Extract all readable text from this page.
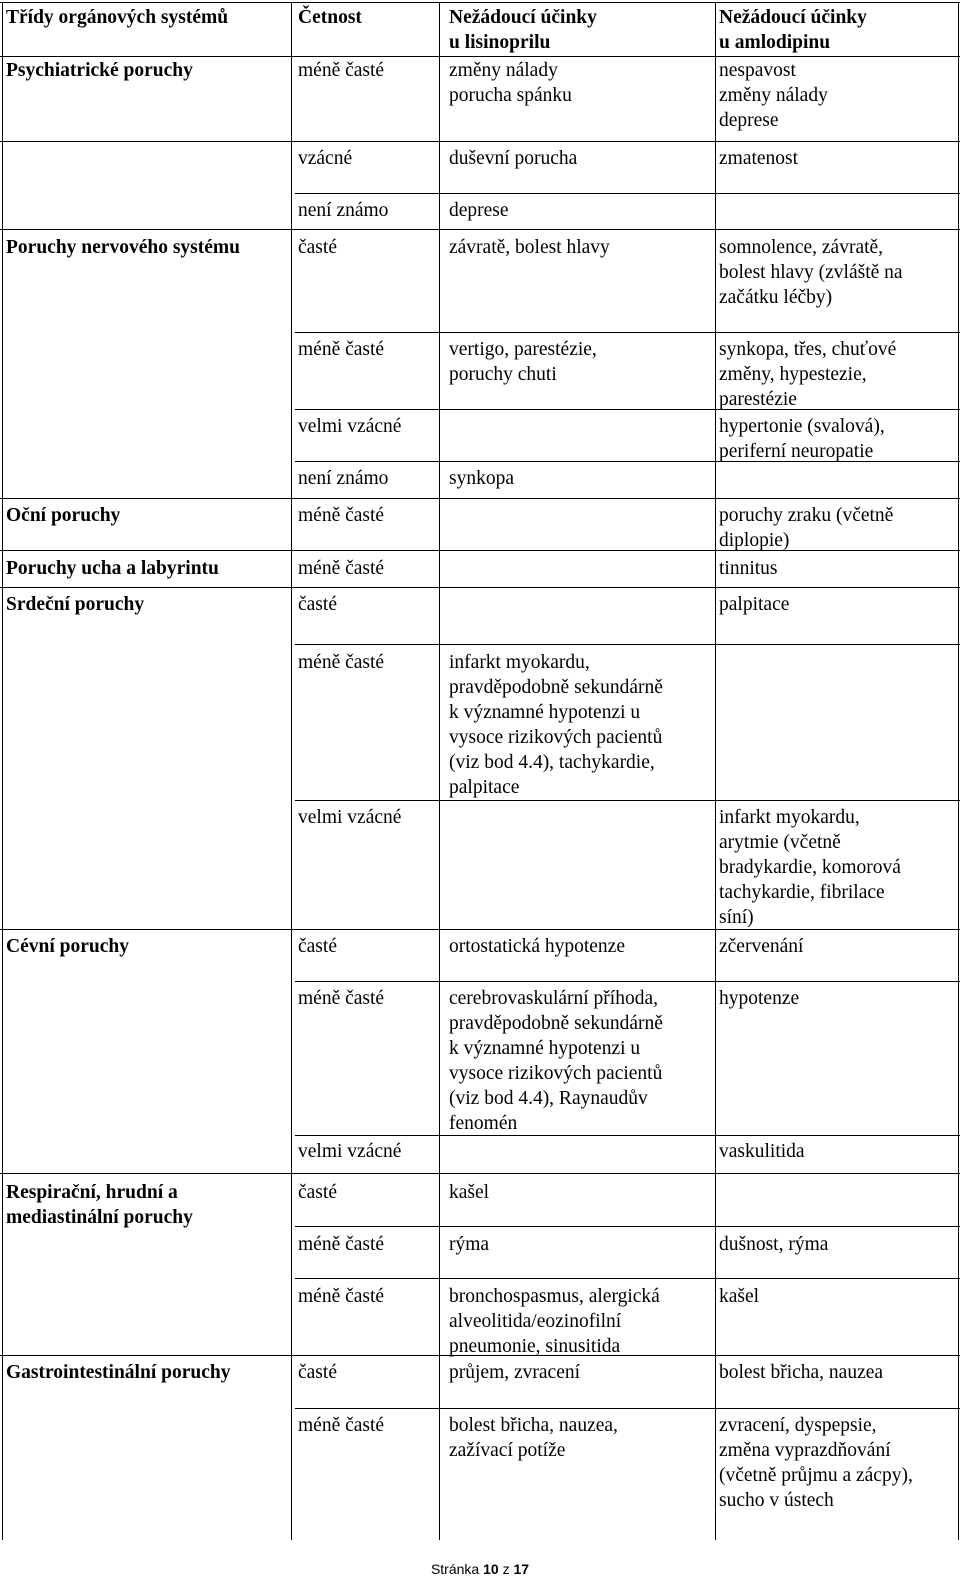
Třídy orgánových systémů	Četnost	Nežádoucí účinky
u lisinoprilu
Nežádoucí účinky
u amlodipinu
Psychiatrické poruchy
Poruchy nervového systému
Oční poruchy
Poruchy ucha a labyrintu
Srdeční poruchy
Cévní poruchy
Respirační, hrudní a
mediastinální poruchy
Gastrointestinální poruchy
méně časté
vzácné
není známo
časté
méně časté
velmi vzácné
není známo
méně časté
méně časté
časté
méně časté
velmi vzácné
časté
méně časté
velmi vzácné
časté
méně časté
méně časté
časté
méně časté
změny nálady
porucha spánku
duševní porucha
deprese
závratě, bolest hlavy
vertigo, parestézie,
poruchy chuti
synkopa
infarkt myokardu,
pravděpodobně sekundárně
k významné hypotenzi u
vysoce rizikových pacientů
(viz bod 4.4), tachykardie,
palpitace
ortostatická hypotenze
cerebrovaskulární příhoda,
pravděpodobně sekundárně
k významné hypotenzi u
vysoce rizikových pacientů
(viz bod 4.4), Raynaudův
fenomén
kašel
rýma
bronchospasmus, alergická
alveolitida/eozinofilní
pneumonie, sinusitida
průjem, zvracení
bolest břicha, nauzea,
zažívací potíže
nespavost
změny nálady
deprese
zmatenost
somnolence, závratě,
bolest hlavy (zvláště na
začátku léčby)
synkopa, třes, chuťové
změny, hypestezie,
parestézie
hypertonie (svalová),
periferní neuropatie
poruchy zraku (včetně
diplopie)
tinnitus
palpitace
infarkt myokardu,
arytmie (včetně
bradykardie, komorová
tachykardie, fibrilace
síní)
zčervenání
hypotenze
vaskulitida
dušnost, rýma
kašel
bolest břicha, nauzea
zvracení, dyspepsie,
změna vyprazdňování
(včetně průjmu a zácpy),
sucho v ústech
Stránka 10 z 17
